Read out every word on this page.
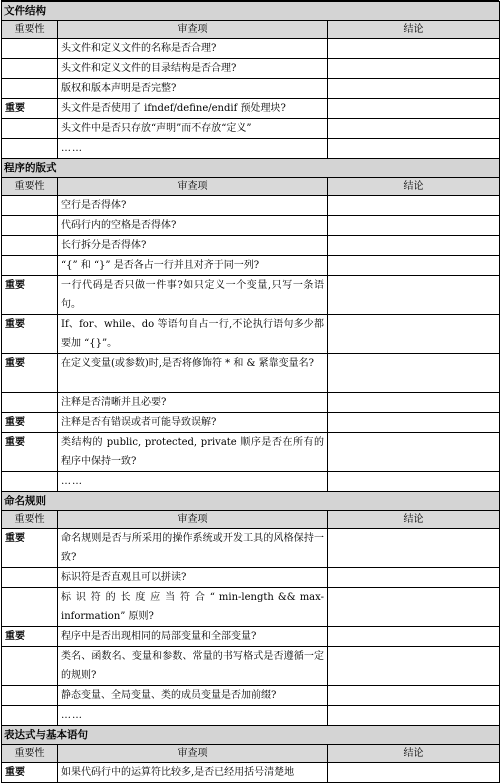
文件结构		
重要性	审查项	结论
	头文件和定义文件的名称是否合理?	
	头文件和定义文件的目录结构是否合理?	
	版权和版本声明是否完整?	
重要	头文件是否使用了 ifndef/define/endif 预处理块?	
	头文件中是否只存放“声明”而不存放“定义”	
	……	
程序的版式		
重要性	审查项	结论
	空行是否得体?	
	代码行内的空格是否得体?	
	长行拆分是否得体?	
	“{” 和 “}” 是否各占一行并且对齐于同一列?	
重要	一行代码是否只做一件事?如只定义一个变量,只写一条语句。	
重要	If、for、while、do 等语句自占一行,不论执行语句多少都要加 “{}”。	
重要	在定义变量(或参数)时,是否将修饰符 * 和 & 紧靠变量名?	
	注释是否清晰并且必要?	
重要	注释是否有错误或者可能导致误解?	
重要	类结构的 public, protected, private 顺序是否在所有的程序中保持一致?	
	……	
命名规则		
重要性	审查项	结论
重要	命名规则是否与所采用的操作系统或开发工具的风格保持一致?	
	标识符是否直观且可以拼读?	
	标 识 符 的 长 度 应 当 符 合 “ min-length && max-information” 原则?	
重要	程序中是否出现相同的局部变量和全部变量?	
	类名、函数名、变量和参数、常量的书写格式是否遵循一定的规则?	
	静态变量、全局变量、类的成员变量是否加前缀?	
	……	
表达式与基本语句		
重要性	审查项	结论
重要	如果代码行中的运算符比较多,是否已经用括号清楚地	
